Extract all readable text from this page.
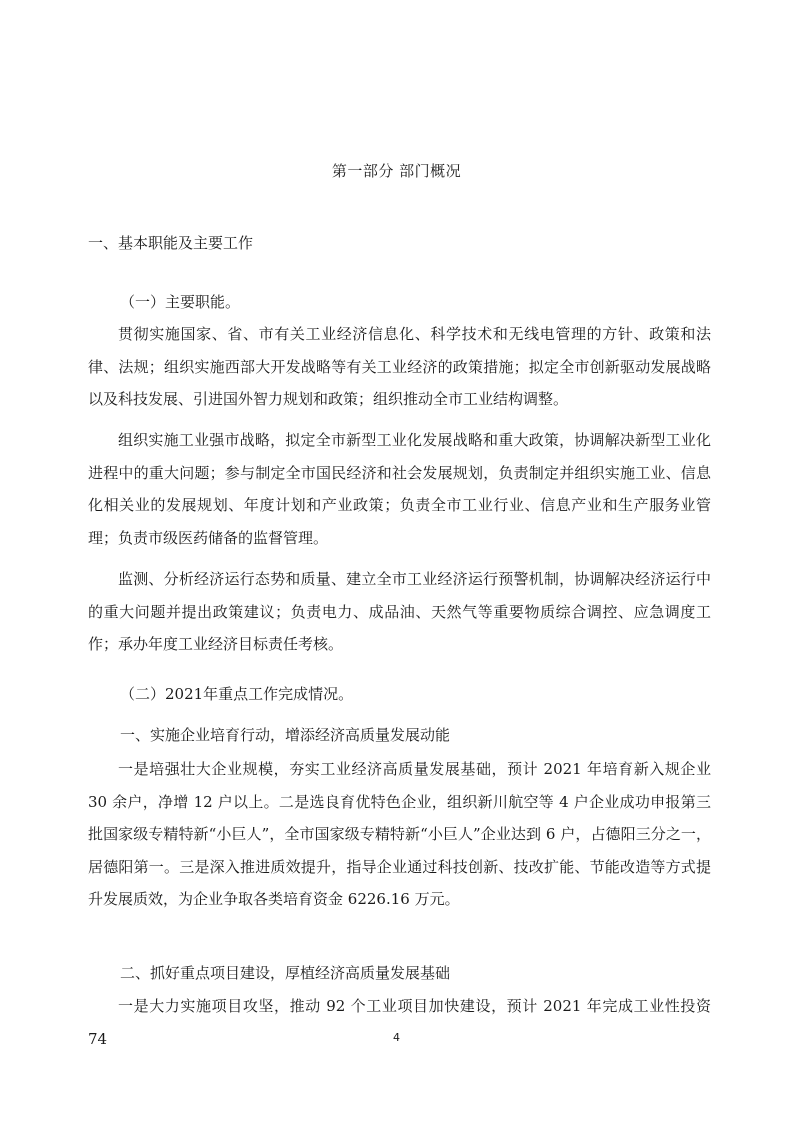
第一部分 部门概况
一、基本职能及主要工作
（一）主要职能。

贯彻实施国家、省、市有关工业经济信息化、科学技术和无线电管理的方针、政策和法律、法规；组织实施西部大开发战略等有关工业经济的政策措施；拟定全市创新驱动发展战略以及科技发展、引进国外智力规划和政策；组织推动全市工业结构调整。

组织实施工业强市战略，拟定全市新型工业化发展战略和重大政策，协调解决新型工业化进程中的重大问题；参与制定全市国民经济和社会发展规划，负责制定并组织实施工业、信息化相关业的发展规划、年度计划和产业政策；负责全市工业行业、信息产业和生产服务业管理；负责市级医药储备的监督管理。

监测、分析经济运行态势和质量、建立全市工业经济运行预警机制，协调解决经济运行中的重大问题并提出政策建议；负责电力、成品油、天然气等重要物质综合调控、应急调度工作；承办年度工业经济目标责任考核。

（二）2021年重点工作完成情况。
一、实施企业培育行动，增添经济高质量发展动能

一是培强壮大企业规模，夯实工业经济高质量发展基础，预计 2021 年培育新入规企业 30 余户，净增 12 户以上。二是选良育优特色企业，组织新川航空等 4 户企业成功申报第三批国家级专精特新“小巨人”，全市国家级专精特新“小巨人”企业达到 6 户，占德阳三分之一，居德阳第一。三是深入推进质效提升，指导企业通过科技创新、技改扩能、节能改造等方式提升发展质效，为企业争取各类培育资金 6226.16 万元。

二、抓好重点项目建设，厚植经济高质量发展基础

一是大力实施项目攻坚，推动 92 个工业项目加快建设，预计 2021 年完成工业性投资 74	4
